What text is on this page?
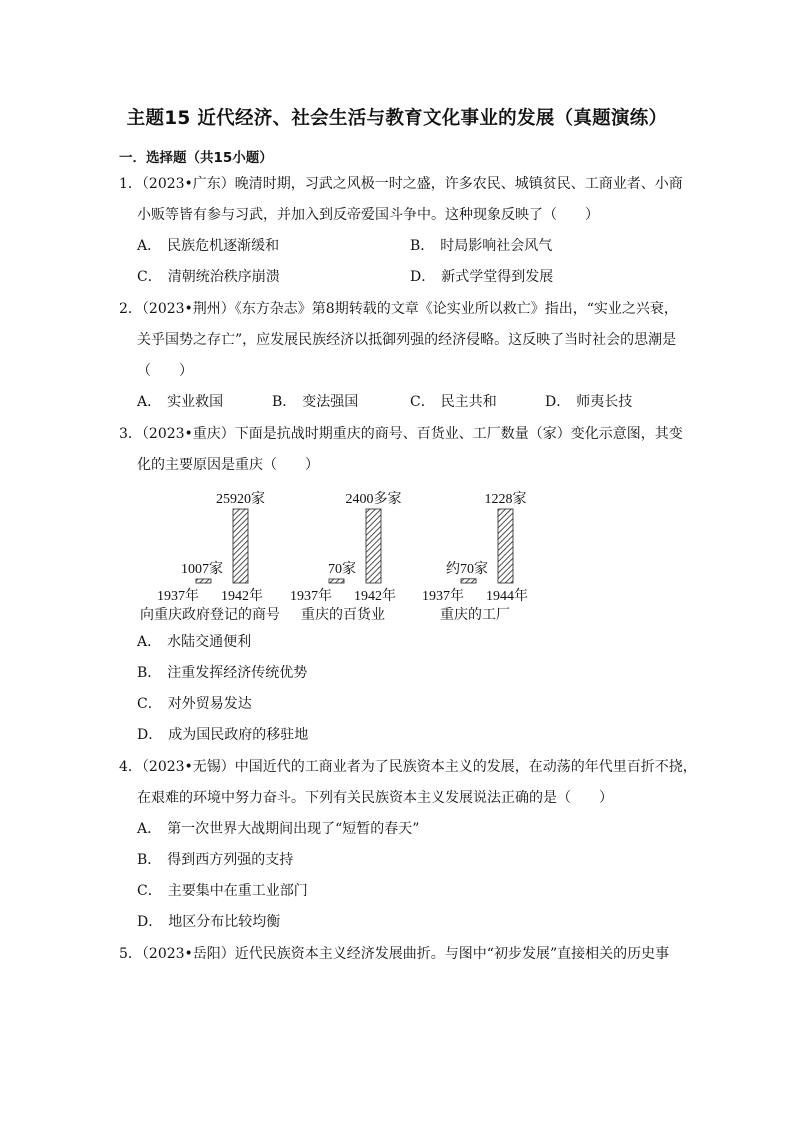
主题15 近代经济、社会生活与教育文化事业的发展（真题演练）
一．选择题（共15小题）
1．（2023•广东）晚清时期，习武之风极一时之盛，许多农民、城镇贫民、工商业者、小商
小贩等皆有参与习武，并加入到反帝爱国斗争中。这种现象反映了（　　）
A． 民族危机逐渐缓和	B． 时局影响社会风气
C． 清朝统治秩序崩溃	D． 新式学堂得到发展
2．（2023•荆州）《东方杂志》第8期转载的文章《论实业所以救亡》指出，“实业之兴衰，
关乎国势之存亡”，应发展民族经济以抵御列强的经济侵略。这反映了当时社会的思潮是
（　　）
A． 实业救国	B． 变法强国	C． 民主共和	D． 师夷长技
3．（2023•重庆）下面是抗战时期重庆的商号、百货业、工厂数量（家）变化示意图，其变
化的主要原因是重庆（　　）
1007家
25920家
1937年 1942年
向重庆政府登记的商号
70家
2400多家
1937年 1942年
重庆的百货业
约70家
1228家
1937年 1944年
重庆的工厂
A． 水陆交通便利
B． 注重发挥经济传统优势
C． 对外贸易发达
D． 成为国民政府的移驻地
4．（2023•无锡）中国近代的工商业者为了民族资本主义的发展，在动荡的年代里百折不挠，
在艰难的环境中努力奋斗。下列有关民族资本主义发展说法正确的是（　　）
A． 第一次世界大战期间出现了“短暂的春天”
B． 得到西方列强的支持
C． 主要集中在重工业部门
D． 地区分布比较均衡
5．（2023•岳阳）近代民族资本主义经济发展曲折。与图中“初步发展”直接相关的历史事
